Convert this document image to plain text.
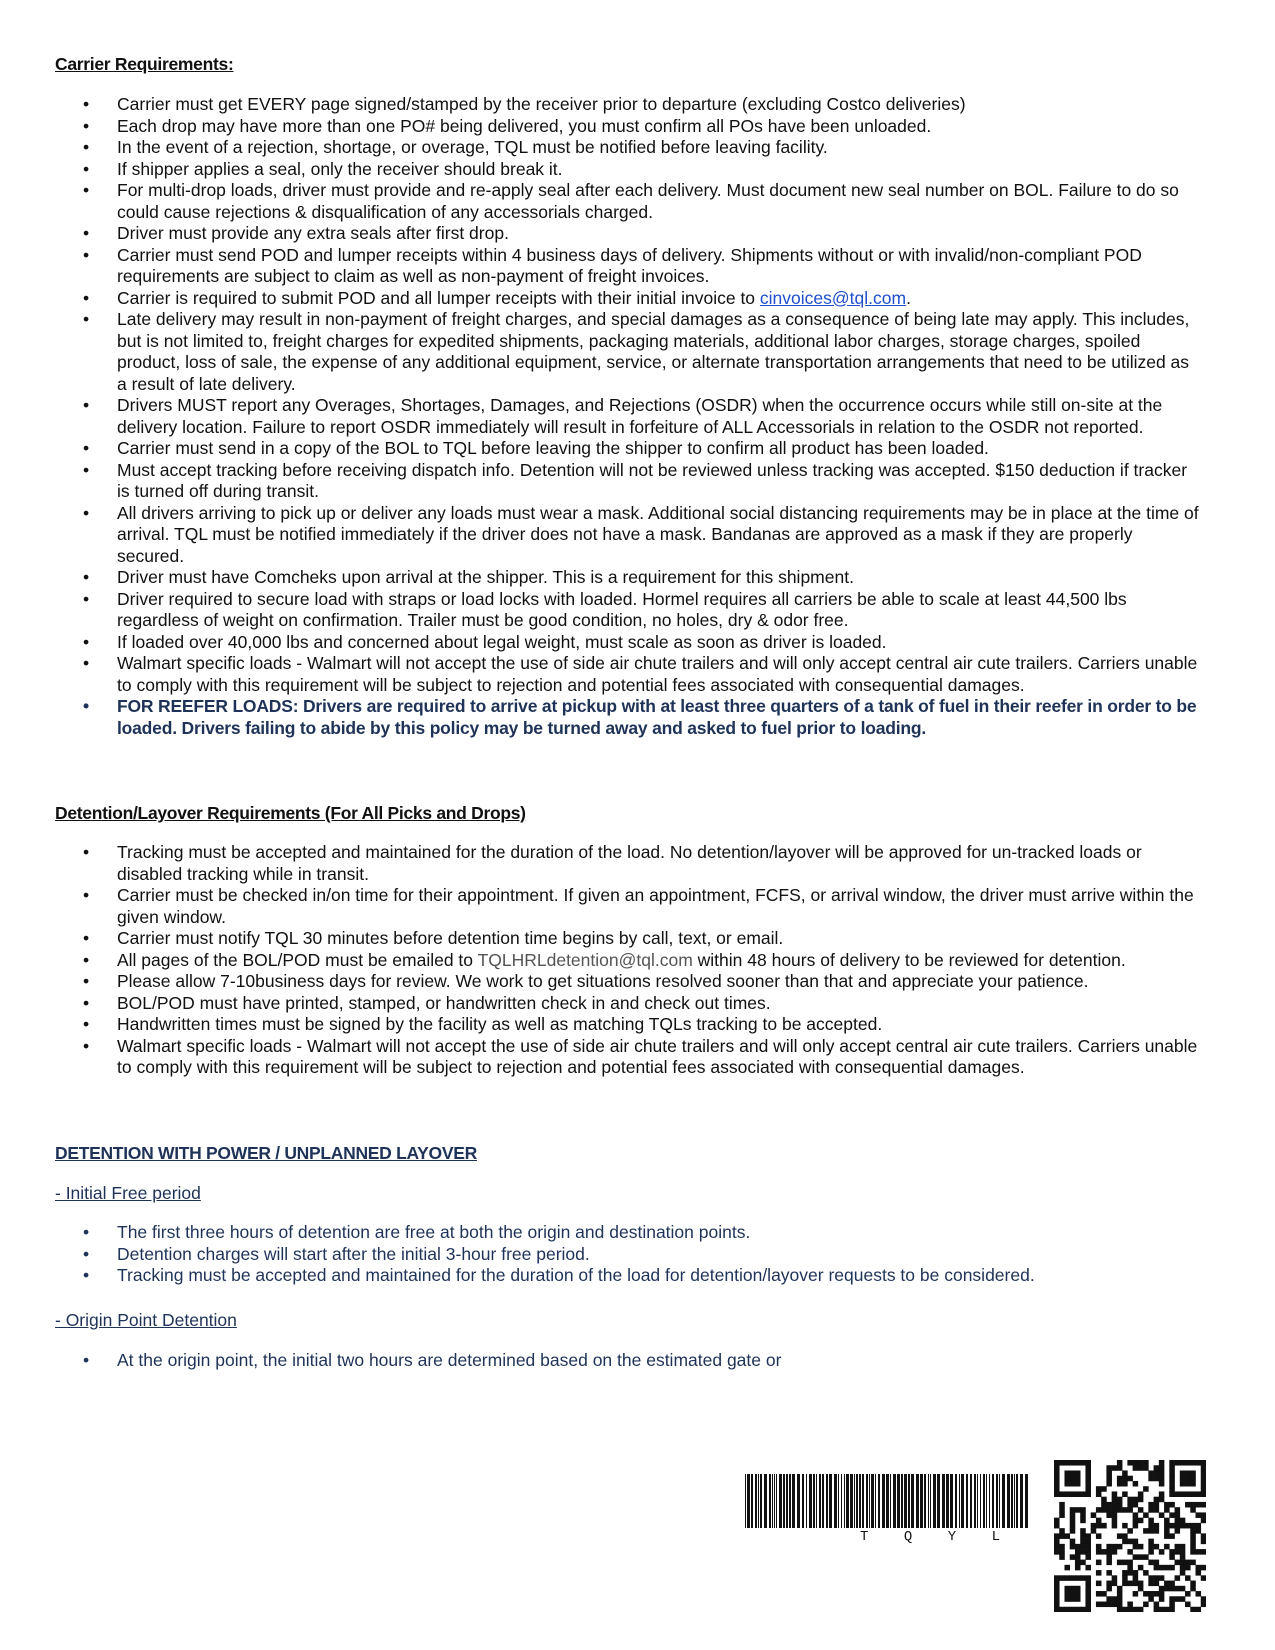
Carrier Requirements:
• Carrier must get EVERY page signed/stamped by the receiver prior to departure (excluding Costco deliveries)
• Each drop may have more than one PO# being delivered, you must confirm all POs have been unloaded.
• In the event of a rejection, shortage, or overage, TQL must be notified before leaving facility.
• If shipper applies a seal, only the receiver should break it.
• For multi-drop loads, driver must provide and re-apply seal after each delivery. Must document new seal number on BOL. Failure to do so could cause rejections & disqualification of any accessorials charged.
• Driver must provide any extra seals after first drop.
• Carrier must send POD and lumper receipts within 4 business days of delivery. Shipments without or with invalid/non-compliant POD requirements are subject to claim as well as non-payment of freight invoices.
• Carrier is required to submit POD and all lumper receipts with their initial invoice to cinvoices@tql.com.
• Late delivery may result in non-payment of freight charges, and special damages as a consequence of being late may apply. This includes, but is not limited to, freight charges for expedited shipments, packaging materials, additional labor charges, storage charges, spoiled product, loss of sale, the expense of any additional equipment, service, or alternate transportation arrangements that need to be utilized as a result of late delivery.
• Drivers MUST report any Overages, Shortages, Damages, and Rejections (OSDR) when the occurrence occurs while still on-site at the delivery location. Failure to report OSDR immediately will result in forfeiture of ALL Accessorials in relation to the OSDR not reported.
• Carrier must send in a copy of the BOL to TQL before leaving the shipper to confirm all product has been loaded.
• Must accept tracking before receiving dispatch info. Detention will not be reviewed unless tracking was accepted. $150 deduction if tracker is turned off during transit.
• All drivers arriving to pick up or deliver any loads must wear a mask. Additional social distancing requirements may be in place at the time of arrival. TQL must be notified immediately if the driver does not have a mask. Bandanas are approved as a mask if they are properly secured.
• Driver must have Comcheks upon arrival at the shipper. This is a requirement for this shipment.
• Driver required to secure load with straps or load locks with loaded. Hormel requires all carriers be able to scale at least 44,500 lbs regardless of weight on confirmation. Trailer must be good condition, no holes, dry & odor free.
• If loaded over 40,000 lbs and concerned about legal weight, must scale as soon as driver is loaded.
• Walmart specific loads - Walmart will not accept the use of side air chute trailers and will only accept central air cute trailers. Carriers unable to comply with this requirement will be subject to rejection and potential fees associated with consequential damages.
• FOR REEFER LOADS: Drivers are required to arrive at pickup with at least three quarters of a tank of fuel in their reefer in order to be loaded. Drivers failing to abide by this policy may be turned away and asked to fuel prior to loading.
Detention/Layover Requirements (For All Picks and Drops)
• Tracking must be accepted and maintained for the duration of the load. No detention/layover will be approved for un-tracked loads or disabled tracking while in transit.
• Carrier must be checked in/on time for their appointment. If given an appointment, FCFS, or arrival window, the driver must arrive within the given window.
• Carrier must notify TQL 30 minutes before detention time begins by call, text, or email.
• All pages of the BOL/POD must be emailed to TQLHRLdetention@tql.com within 48 hours of delivery to be reviewed for detention.
• Please allow 7-10business days for review. We work to get situations resolved sooner than that and appreciate your patience.
• BOL/POD must have printed, stamped, or handwritten check in and check out times.
• Handwritten times must be signed by the facility as well as matching TQLs tracking to be accepted.
• Walmart specific loads - Walmart will not accept the use of side air chute trailers and will only accept central air cute trailers. Carriers unable to comply with this requirement will be subject to rejection and potential fees associated with consequential damages.
DETENTION WITH POWER / UNPLANNED LAYOVER
- Initial Free period
• The first three hours of detention are free at both the origin and destination points.
• Detention charges will start after the initial 3-hour free period.
• Tracking must be accepted and maintained for the duration of the load for detention/layover requests to be considered.
- Origin Point Detention
• At the origin point, the initial two hours are determined based on the estimated gate or
T	Q	Y	L
